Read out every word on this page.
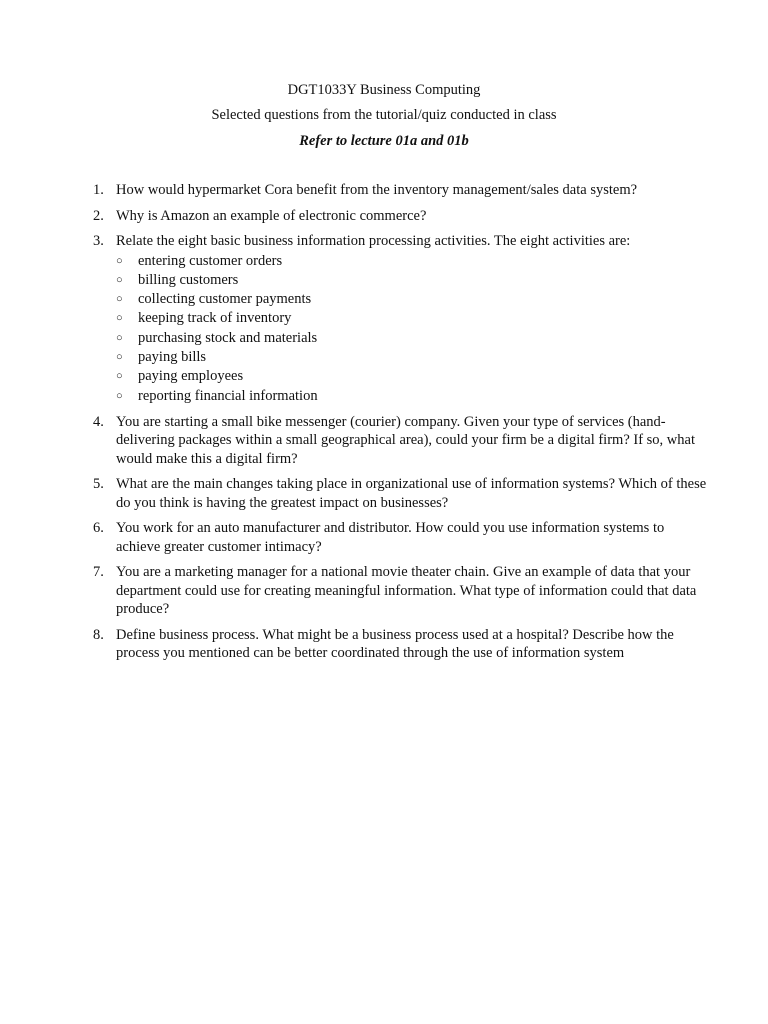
DGT1033Y Business Computing
Selected questions from the tutorial/quiz conducted in class
Refer to lecture 01a and 01b
1. How would hypermarket Cora benefit from the inventory management/sales data system?
2. Why is Amazon an example of electronic commerce?
3. Relate the eight basic business information processing activities. The eight activities are:
○ entering customer orders
○ billing customers
○ collecting customer payments
○ keeping track of inventory
○ purchasing stock and materials
○ paying bills
○ paying employees
○ reporting financial information
4. You are starting a small bike messenger (courier) company. Given your type of services (hand-delivering packages within a small geographical area), could your firm be a digital firm? If so, what would make this a digital firm?
5. What are the main changes taking place in organizational use of information systems? Which of these do you think is having the greatest impact on businesses?
6. You work for an auto manufacturer and distributor. How could you use information systems to achieve greater customer intimacy?
7. You are a marketing manager for a national movie theater chain. Give an example of data that your department could use for creating meaningful information. What type of information could that data produce?
8. Define business process. What might be a business process used at a hospital? Describe how the process you mentioned can be better coordinated through the use of information system
